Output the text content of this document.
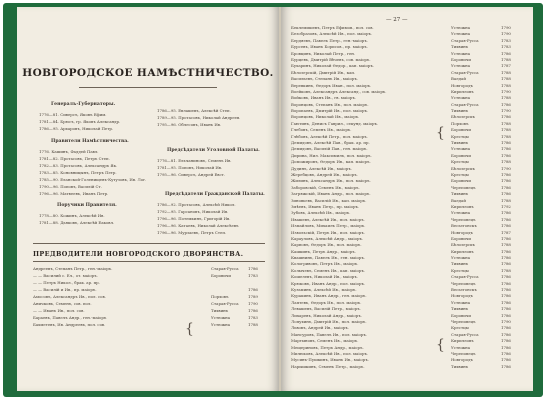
НОВГОРОДСКОЕ НАМѢСТНИЧЕСТВО.
Генералъ-Губернаторы.
1776—81. Сиверсъ, Яковъ Ефим.
1781—84. Брюсъ, гр. Яковъ Александр.
1786—95. Архаровъ, Николай Петр.
Правители Намѣстничества.
1776. Кашинъ, Фаддей Павл.
1781—82. Протасовъ, Петръ Степ.
1782—83. Протасовъ, Александръ Як.
1783—85. Коновницынъ, Петръ Петр.
1785—90. Еланской-Голенищевъ-Кутузовъ, Ив. Лог.
1790—96. Поповъ, Василій Ст.
1796—96. Матвеевъ, Иванъ Петр.
Поручики Правителя.
1778—80. Кожинъ, Алексѣй Ив.
1781—88. Дьяковъ, Алексѣй Еаковл.
1786—95. Евлашевъ, Алексѣй Степ.
1789—95. Протасовъ, Николай Андреев.
1795—96. Облесовъ, Иванъ Ив.
Предсѣдатели Уголовной Палаты.
1776—81. Ельчаниновъ, Семенъ Ив.
1781—95. Поповъ, Николай Ив.
1795—96. Сиверсъ, Андрей Евст.
Предсѣдатели Гражданской Палаты.
1786—92. Протасовъ, Алексѣй Никол.
1792—95. Гарсановъ, Николай Ив.
1796—96. Потемкинъ, Григорій Ив.
1796—96. Катаевъ, Николай Алексѣевъ
1796—96. Мурзаевъ, Петръ Степ.
ПРЕДВОДИТЕЛИ НОВГОРОДСКОГО ДВОРЯНСТВА.
Андреевъ, Степанъ Петр., ген.-маіоръ.	Старая-Русса 1786
— — Василий с. Ел., от. маіоръ.	Боровичи	1783
— — Петръ Никол., брак. ар. пр.
— — Василій и Ив., пр. маіоръ.	1786
Амосовъ, Александръ Ив., пол. сов.	Порховъ	1789
Аничковъ, Семенъ, сов. пол.	Старая-Русса 1790
— — Иванъ Ив., пол. сов.	Тихвинъ	1786
Бараевъ, Павелъ Андр., ген.-маіоръ	Устюжна	1783
Бахметевъ, Ив. Андреевъ, пол. сов.	Устюжна	1788
{
— 27 —
Беклемишевъ, Петръ Ефимов., пол. сов.	Устюжна	1790
Безобразовъ, Алексѣй Ив., пол. маіоръ.	Устюжна	1790
Бердяевъ, Павелъ Петр., ген.-маіоръ.	Старая-Русса	1783
Бурсевъ, Иванъ Борисов., пр. маіоръ.	Тихвинъ	1783
Бровцинъ, Николай Петр., ген.	Устюжна	1786
Бурцевъ, Дмитрій Вѣчевъ, сов. маіоръ.	Боровичи	1788
Бухаринъ, Николай Ѳедор., кап. маіоръ.	Устюжна	1787
Бѣлозерскій, Дмитрій Ив., кап.	Старая-Русса	1788
Васильевъ, Степанъ Ив., маіоръ.	Валдай	1788
Веревкинъ, Ѳедоръ Иван., пол. маіоръ.	Новгородъ	1788
Воейковъ, Александръ Александ., сов. маіоръ.	Кирилловъ	1790
Войковъ, Иванъ Ив., гв. маіоръ.	Устюжна	1788
Воронцовъ, Степанъ Ив., пол. маіоръ.	Старая-Русса	1786
Воропаевъ, Дмитрій Ив., пол. маіоръ.	Тихвинъ	1790
Воронцовъ, Николай Ив., маіоръ.	Бѣлозерскъ	1786
Гаютинъ, Денисъ Гаврил., секунд. маіоръ.	Порховъ	1788
Глебовъ, Семенъ Ив., маіоръ.	Боровичи	1788
Глѣбовъ, Алексѣй Петр., пол. маіоръ.	Крестцы	1788
Демидовъ, Алексѣй Пав., брак. ар. пр.	Тихвинъ	1786
Демидовъ, Василій Пав., ген. маіоръ.	Устюжна	1786
Дирина, Нил. Максимилъ, пол. маіоръ.	Боровичи	1786
Доможировъ, Ѳедоръ Ив., кап. маіоръ.	Крестцы	1788
Дудинъ, Алексѣй Ив., маіоръ.	Бѣлозерскъ	1790
Жеребцовъ, Андрей Ив., маіоръ.	Крестцы	1786
Жилинъ, Александръ Ив., пол. маіоръ.	Боровичи	1786
Заборовскій, Семенъ Ив., маіоръ.	Череповецъ	1786
Загряжскій, Иванъ Андр., пол. маіоръ.	Тихвинъ	1786
Зиновьевъ, Василій Ив., кап. маіоръ.	Валдай	1788
Змѣевъ, Иванъ Петр., пр. маіоръ.	Кирилловъ	1792
Зубовъ, Алексѣй Ив., маіоръ.	Устюжна	1786
Ивашевъ, Алексѣй Ив., пол. маіоръ.	Череповецъ	1786
Измайловъ, Михаилъ Петр., маіоръ.	Весьегонскъ	1786
Извольскій, Петръ Ив., пол. маіоръ.	Новгородъ	1787
Карауловъ, Алексѣй Андр., маіоръ.	Боровичи	1786
Карповъ, Ѳедоръ Ив., пол. маіоръ.	Бѣлозерскъ	1788
Кашкинъ, Петръ Андр., маіоръ.	Кирилловъ	1786
Квашнинъ, Павелъ Ив., ген. маіоръ.	Устюжна	1786
Кологривовъ, Петръ Ив., маіоръ.	Тихвинъ	1786
Колычевъ, Семенъ Ив., кап. маіоръ.	Крестцы	1788
Кошелевъ, Николай Ив., маіоръ.	Старая-Русса	1786
Крюковъ, Иванъ Андр., пол. маіоръ.	Череповецъ	1786
Кузьминъ, Алексѣй Ив., маіоръ.	Весьегонскъ	1786
Куракинъ, Иванъ Андр., ген. маіоръ.	Новгородъ	1786
Лаптевъ, Ѳедоръ Ив., пол. маіоръ.	Устюжна	1786
Левашевъ, Василій Петр., маіоръ.	Тихвинъ	1786
Лихаревъ, Николай Андр., маіоръ.	Боровичи	1786
Лопухинъ, Дмитрій Ив., пол. маіоръ.	Череповецъ	1790
Львовъ, Андрей Ив., маіоръ.	Крестцы	1786
Мансуровъ, Павелъ Ив., пол. маіоръ.	Старая-Русса	1786
Мартыновъ, Семенъ Ив., маіоръ.	Кирилловъ	1786
Мещериновъ, Петръ Андр., маіоръ.	Устюжна	1786
Милюковъ, Алексѣй Ив., пол. маіоръ.	Череповецъ	1786
Мусинъ-Пушкинъ, Иванъ Ив., маіоръ.	Новгородъ	1786
Нарышкинъ, Семенъ Петр., маіоръ.	Тихвинъ	1786
{
{
